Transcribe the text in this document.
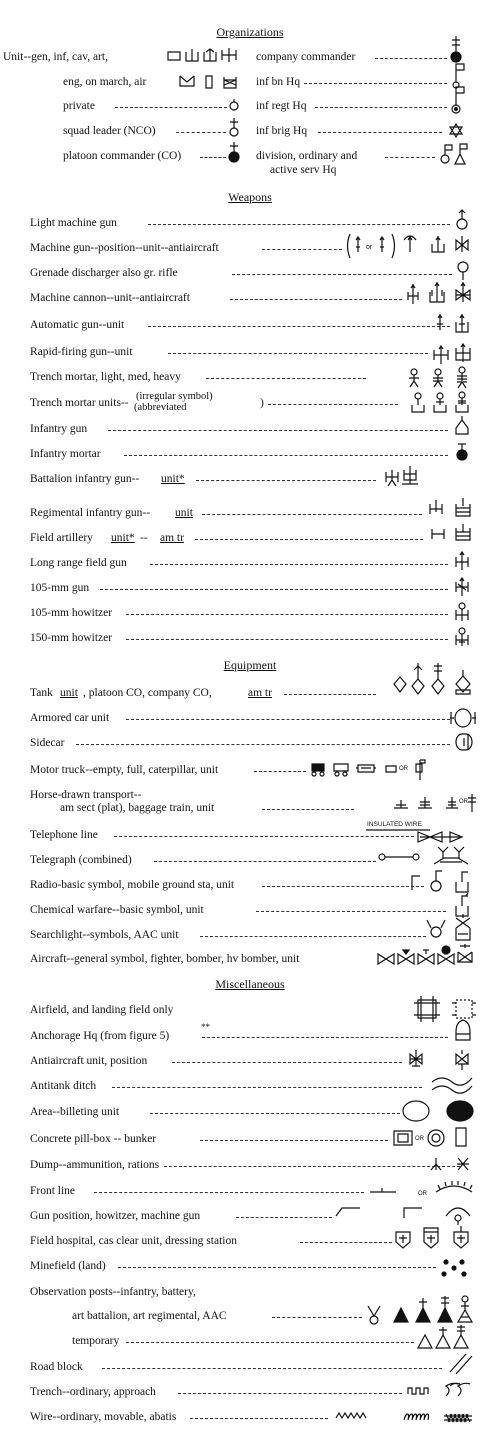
Organizations
Weapons
Equipment
Miscellaneous
Unit--gen, inf, cav, art,
eng, on march, air
private
squad leader (NCO)
platoon commander (CO)
company commander
inf bn Hq
inf regt Hq
inf brig Hq
division, ordinary and
active serv Hq
Light machine gun
Machine gun--position--unit--antiaircraft
Grenade discharger also gr. rifle
Machine cannon--unit--antiaircraft
Automatic gun--unit
Rapid-firing gun--unit
Trench mortar, light, med, heavy
Trench mortar units--
(irregular symbol)
(abbreviated	)
Infantry gun
Infantry mortar
Battalion infantry gun-- unit*
Regimental infantry gun-- unit
Field artillery unit* -- am tr
Long range field gun
105-mm gun
105-mm howitzer
150-mm howitzer
Tank unit , platoon CO, company CO,	am tr
Armored car unit
Sidecar
Motor truck--empty, full, caterpillar, unit
Horse-drawn transport--
am sect (plat), baggage train, unit
Telephone line
INSULATED WIRE
Telegraph (combined)
Radio-basic symbol, mobile ground sta, unit
Chemical warfare--basic symbol, unit
Searchlight--symbols, AAC unit
Aircraft--general symbol, fighter, bomber, hv bomber, unit
Airfield, and landing field only
Anchorage Hq (from figure 5)
**
Antiaircraft unit, position
Antitank ditch
Area--billeting unit
Concrete pill-box -- bunker
Dump--ammunition, rations
Front line
Gun position, howitzer, machine gun
Field hospital, cas clear unit, dressing station
Minefield (land)
Observation posts--infantry, battery,
art battalion, art regimental, AAC
temporary
Road block
Trench--ordinary, approach
Wire--ordinary, movable, abatis
or
OR
OR
OR
OR
